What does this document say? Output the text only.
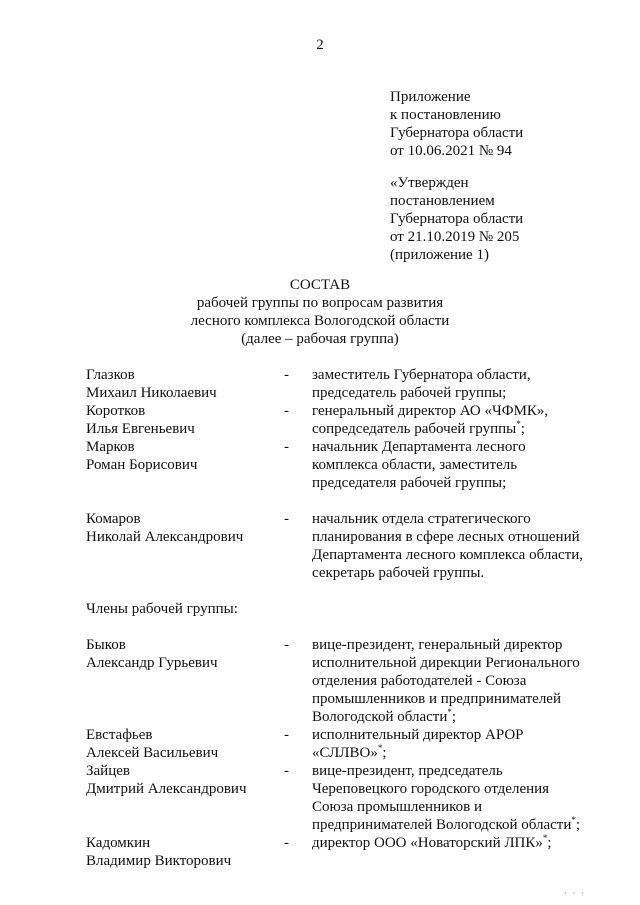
2
Приложение
к постановлению
Губернатора области
от 10.06.2021 № 94
«Утвержден
постановлением
Губернатора области
от 21.10.2019 № 205
(приложение 1)
СОСТАВ
рабочей группы по вопросам развития
лесного комплекса Вологодской области
(далее – рабочая группа)
Глазков
Михаил Николаевич
-	заместитель Губернатора области,
председатель рабочей группы;
Коротков
Илья Евгеньевич
-	генеральный директор АО «ЧФМК»,
сопредседатель рабочей группы*;
Марков
Роман Борисович
-	начальник Департамента лесного
комплекса области, заместитель
председателя рабочей группы;
Комаров
Николай Александрович
-	начальник отдела стратегического
планирования в сфере лесных отношений
Департамента лесного комплекса области,
секретарь рабочей группы.
Члены рабочей группы:
Быков
Александр Гурьевич
-	вице-президент, генеральный директор
исполнительной дирекции Регионального
отделения работодателей - Союза
промышленников и предпринимателей
Вологодской области*;
Евстафьев
Алексей Васильевич
-	исполнительный директор АРОР
«СЛЛВО»*;
Зайцев
Дмитрий Александрович
-	вице-президент, председатель
Череповецкого городского отделения
Союза промышленников и
предпринимателей Вологодской области*;
Кадомкин
Владимир Викторович
-	директор ООО «Новаторский ЛПК»*;
· · ·
